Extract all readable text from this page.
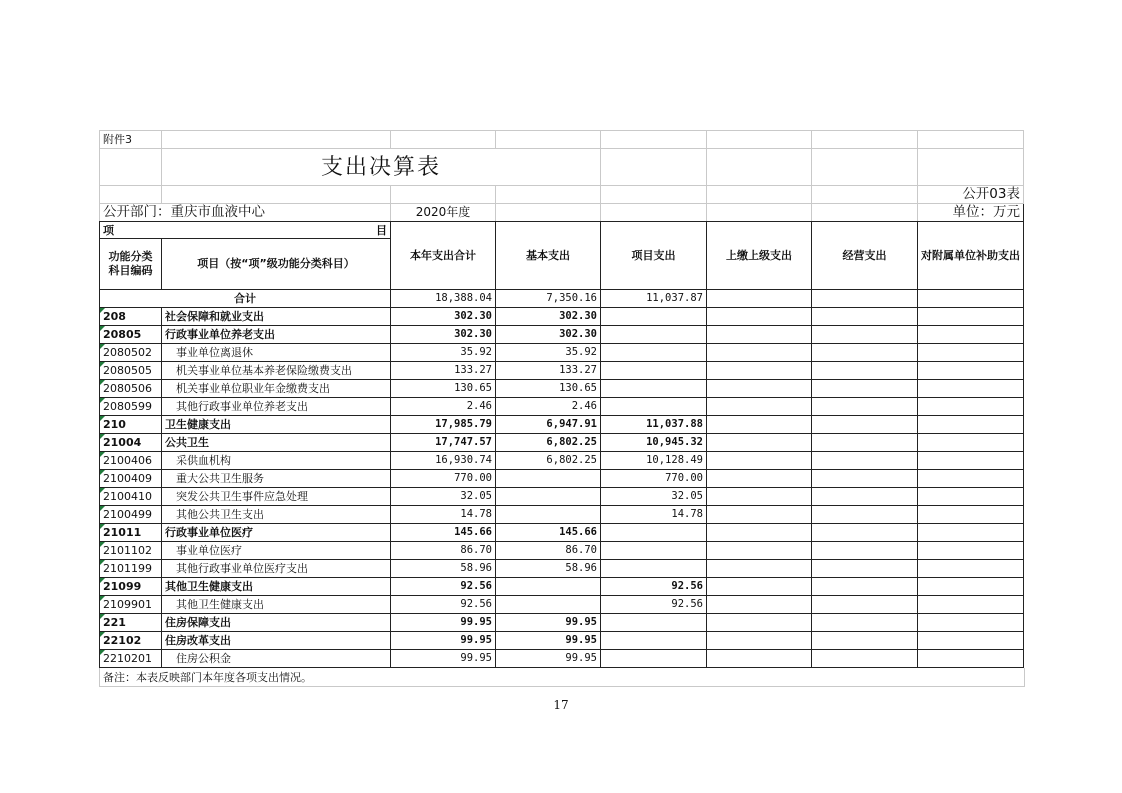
附件3							
	支出决算表						
							公开03表
公开部门：重庆市血液中心		2020年度					单位：万元
项 目		本年支出合计	基本支出	项目支出	上缴上级支出	经营支出	对附属单位补助支出
功能分类科目编码	项目（按“项”级功能分类科目）						
合计		18,388.04	7,350.16	11,037.87			
208	社会保障和就业支出	302.30	302.30				
20805	行政事业单位养老支出	302.30	302.30				
2080502	事业单位离退休	35.92	35.92				
2080505	机关事业单位基本养老保险缴费支出	133.27	133.27				
2080506	机关事业单位职业年金缴费支出	130.65	130.65				
2080599	其他行政事业单位养老支出	2.46	2.46				
210	卫生健康支出	17,985.79	6,947.91	11,037.88			
21004	公共卫生	17,747.57	6,802.25	10,945.32			
2100406	采供血机构	16,930.74	6,802.25	10,128.49			
2100409	重大公共卫生服务	770.00		770.00			
2100410	突发公共卫生事件应急处理	32.05		32.05			
2100499	其他公共卫生支出	14.78		14.78			
21011	行政事业单位医疗	145.66	145.66				
2101102	事业单位医疗	86.70	86.70				
2101199	其他行政事业单位医疗支出	58.96	58.96				
21099	其他卫生健康支出	92.56		92.56			
2109901	其他卫生健康支出	92.56		92.56			
221	住房保障支出	99.95	99.95				
22102	住房改革支出	99.95	99.95				
2210201	住房公积金	99.95	99.95				
备注：本表反映部门本年度各项支出情况。
17
